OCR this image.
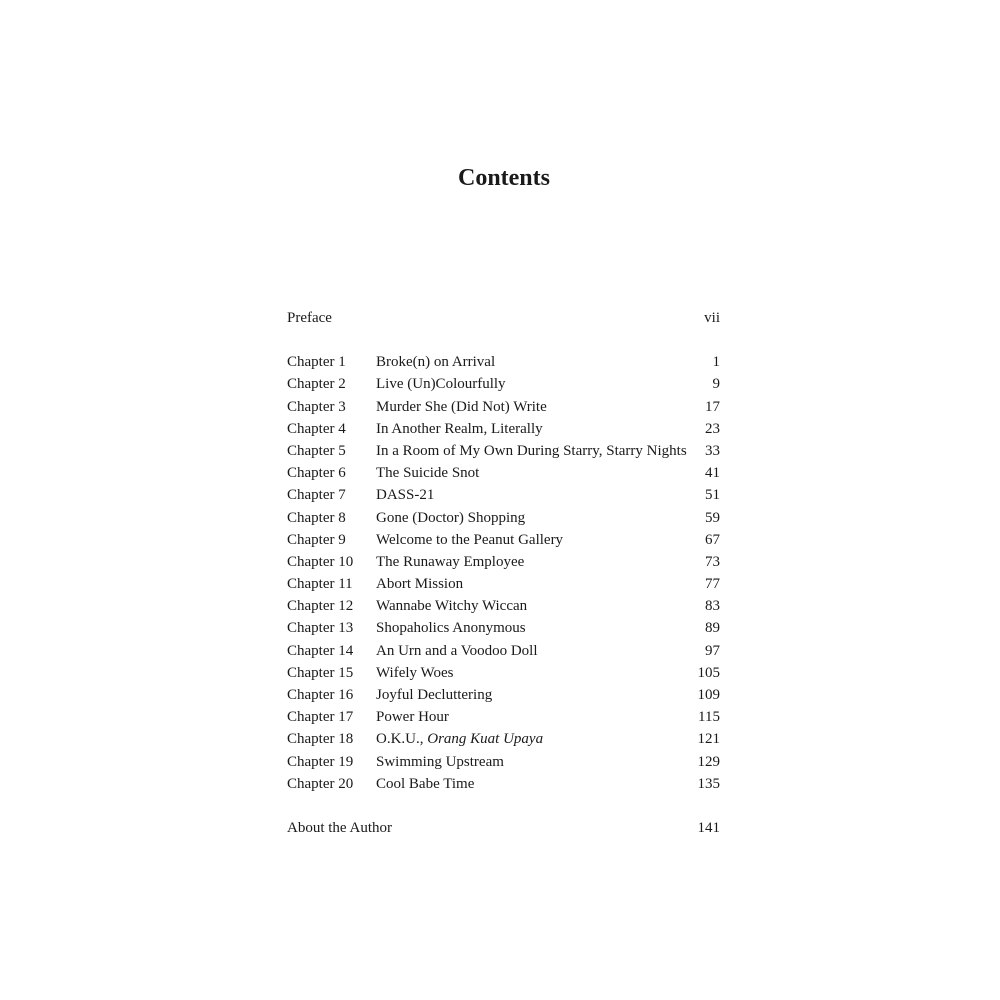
Contents
Preface	vii
Chapter 1	Broke(n) on Arrival	1
Chapter 2	Live (Un)Colourfully	9
Chapter 3	Murder She (Did Not) Write	17
Chapter 4	In Another Realm, Literally	23
Chapter 5	In a Room of My Own During Starry, Starry Nights	33
Chapter 6	The Suicide Snot	41
Chapter 7	DASS-21	51
Chapter 8	Gone (Doctor) Shopping	59
Chapter 9	Welcome to the Peanut Gallery	67
Chapter 10	The Runaway Employee	73
Chapter 11	Abort Mission	77
Chapter 12	Wannabe Witchy Wiccan	83
Chapter 13	Shopaholics Anonymous	89
Chapter 14	An Urn and a Voodoo Doll	97
Chapter 15	Wifely Woes	105
Chapter 16	Joyful Decluttering	109
Chapter 17	Power Hour	115
Chapter 18	O.K.U., Orang Kuat Upaya	121
Chapter 19	Swimming Upstream	129
Chapter 20	Cool Babe Time	135
About the Author	141
